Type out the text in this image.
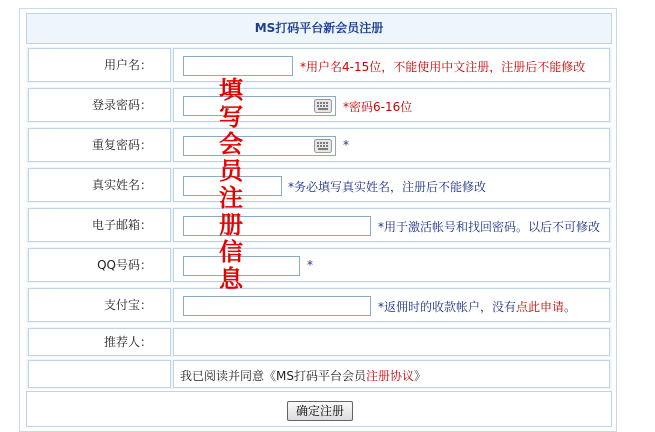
MS打码平台新会员注册
用户名：	*用户名4-15位，不能使用中文注册，注册后不能修改
登录密码：	*密码6-16位
重复密码：	*
真实姓名：	*务必填写真实姓名，注册后不能修改
电子邮箱：	*用于激活帐号和找回密码。以后不可修改
QQ号码：	*
支付宝：	*返佣时的收款帐户，没有点此申请。
推荐人：
我已阅读并同意《MS打码平台会员注册协议》
确定注册
填
写
会
员
注
册
信
息
